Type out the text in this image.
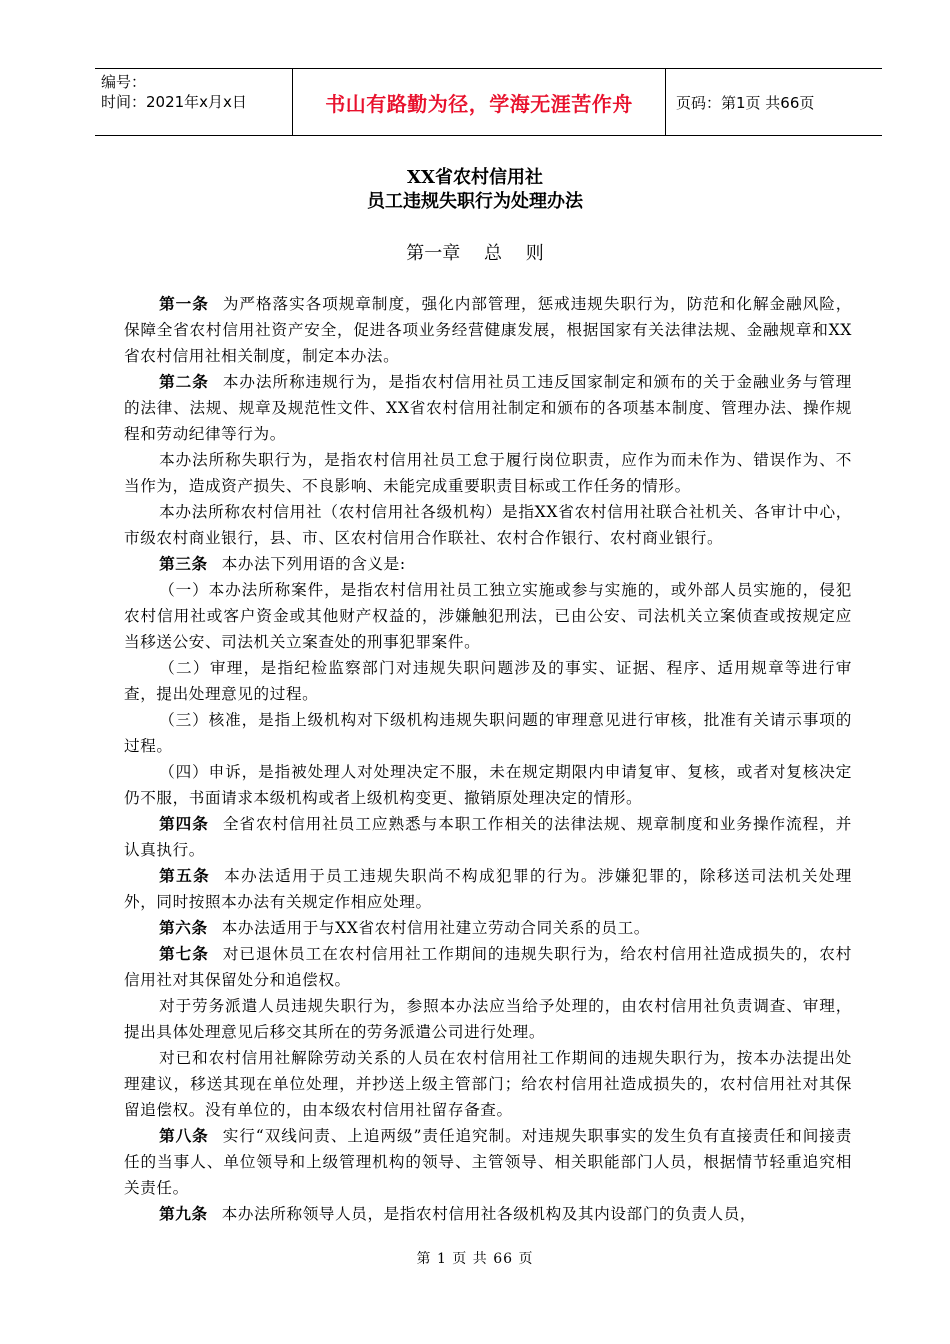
编号：
时间：2021年x月x日	书山有路勤为径，学海无涯苦作舟	页码：第1页 共66页
XX省农村信用社
员工违规失职行为处理办法
第一章　 总　 则

第一条 为严格落实各项规章制度，强化内部管理，惩戒违规失职行为，防范和化解金融风险，保障全省农村信用社资产安全，促进各项业务经营健康发展，根据国家有关法律法规、金融规章和XX省农村信用社相关制度，制定本办法。

第二条 本办法所称违规行为，是指农村信用社员工违反国家制定和颁布的关于金融业务与管理的法律、法规、规章及规范性文件、XX省农村信用社制定和颁布的各项基本制度、管理办法、操作规程和劳动纪律等行为。

本办法所称失职行为，是指农村信用社员工怠于履行岗位职责，应作为而未作为、错误作为、不当作为，造成资产损失、不良影响、未能完成重要职责目标或工作任务的情形。

本办法所称农村信用社（农村信用社各级机构）是指XX省农村信用社联合社机关、各审计中心，市级农村商业银行，县、市、区农村信用合作联社、农村合作银行、农村商业银行。

第三条 本办法下列用语的含义是:

（一）本办法所称案件，是指农村信用社员工独立实施或参与实施的，或外部人员实施的，侵犯农村信用社或客户资金或其他财产权益的，涉嫌触犯刑法，已由公安、司法机关立案侦查或按规定应当移送公安、司法机关立案查处的刑事犯罪案件。

（二）审理，是指纪检监察部门对违规失职问题涉及的事实、证据、程序、适用规章等进行审查，提出处理意见的过程。

（三）核准，是指上级机构对下级机构违规失职问题的审理意见进行审核，批准有关请示事项的过程。

（四）申诉，是指被处理人对处理决定不服，未在规定期限内申请复审、复核，或者对复核决定仍不服，书面请求本级机构或者上级机构变更、撤销原处理决定的情形。

第四条 全省农村信用社员工应熟悉与本职工作相关的法律法规、规章制度和业务操作流程，并认真执行。

第五条 本办法适用于员工违规失职尚不构成犯罪的行为。涉嫌犯罪的，除移送司法机关处理外，同时按照本办法有关规定作相应处理。

第六条 本办法适用于与XX省农村信用社建立劳动合同关系的员工。

第七条 对已退休员工在农村信用社工作期间的违规失职行为，给农村信用社造成损失的，农村信用社对其保留处分和追偿权。

对于劳务派遣人员违规失职行为，参照本办法应当给予处理的，由农村信用社负责调查、审理，提出具体处理意见后移交其所在的劳务派遣公司进行处理。

对已和农村信用社解除劳动关系的人员在农村信用社工作期间的违规失职行为，按本办法提出处理建议，移送其现在单位处理，并抄送上级主管部门；给农村信用社造成损失的，农村信用社对其保留追偿权。没有单位的，由本级农村信用社留存备查。

第八条 实行“双线问责、上追两级”责任追究制。对违规失职事实的发生负有直接责任和间接责任的当事人、单位领导和上级管理机构的领导、主管领导、相关职能部门人员，根据情节轻重追究相关责任。

第九条 本办法所称领导人员，是指农村信用社各级机构及其内设部门的负责人员，

第 1 页 共 66 页
